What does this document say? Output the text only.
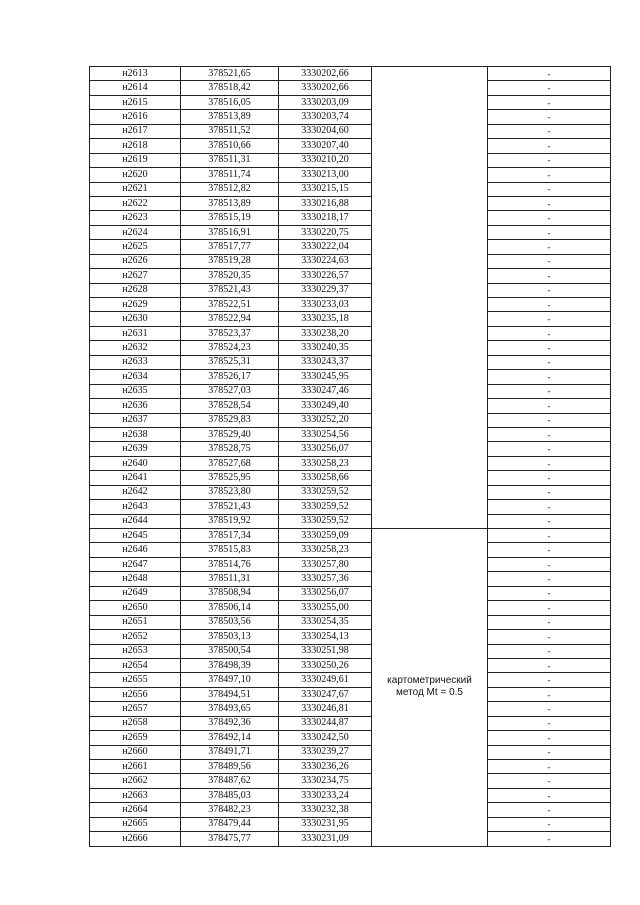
н2613	378521,65	3330202,66		-
н2614	378518,42	3330202,66		-
н2615	378516,05	3330203,09		-
н2616	378513,89	3330203,74		-
н2617	378511,52	3330204,60		-
н2618	378510,66	3330207,40		-
н2619	378511,31	3330210,20		-
н2620	378511,74	3330213,00		-
н2621	378512,82	3330215,15		-
н2622	378513,89	3330216,88		-
н2623	378515,19	3330218,17		-
н2624	378516,91	3330220,75		-
н2625	378517,77	3330222,04		-
н2626	378519,28	3330224,63		-
н2627	378520,35	3330226,57		-
н2628	378521,43	3330229,37		-
н2629	378522,51	3330233,03		-
н2630	378522,94	3330235,18		-
н2631	378523,37	3330238,20		-
н2632	378524,23	3330240,35		-
н2633	378525,31	3330243,37		-
н2634	378526,17	3330245,95		-
н2635	378527,03	3330247,46		-
н2636	378528,54	3330249,40		-
н2637	378529,83	3330252,20		-
н2638	378529,40	3330254,56		-
н2639	378528,75	3330256,07		-
н2640	378527,68	3330258,23		-
н2641	378525,95	3330258,66		-
н2642	378523,80	3330259,52		-
н2643	378521,43	3330259,52		-
н2644	378519,92	3330259,52		-
н2645	378517,34	3330259,09	картометрический метод Mt = 0.5	-
н2646	378515,83	3330258,23		-
н2647	378514,76	3330257,80		-
н2648	378511,31	3330257,36		-
н2649	378508,94	3330256,07		-
н2650	378506,14	3330255,00		-
н2651	378503,56	3330254,35		-
н2652	378503,13	3330254,13		-
н2653	378500,54	3330251,98		-
н2654	378498,39	3330250,26		-
н2655	378497,10	3330249,61		-
н2656	378494,51	3330247,67		-
н2657	378493,65	3330246,81		-
н2658	378492,36	3330244,87		-
н2659	378492,14	3330242,50		-
н2660	378491,71	3330239,27		-
н2661	378489,56	3330236,26		-
н2662	378487,62	3330234,75		-
н2663	378485,03	3330233,24		-
н2664	378482,23	3330232,38		-
н2665	378479,44	3330231,95		-
н2666	378475,77	3330231,09		-
